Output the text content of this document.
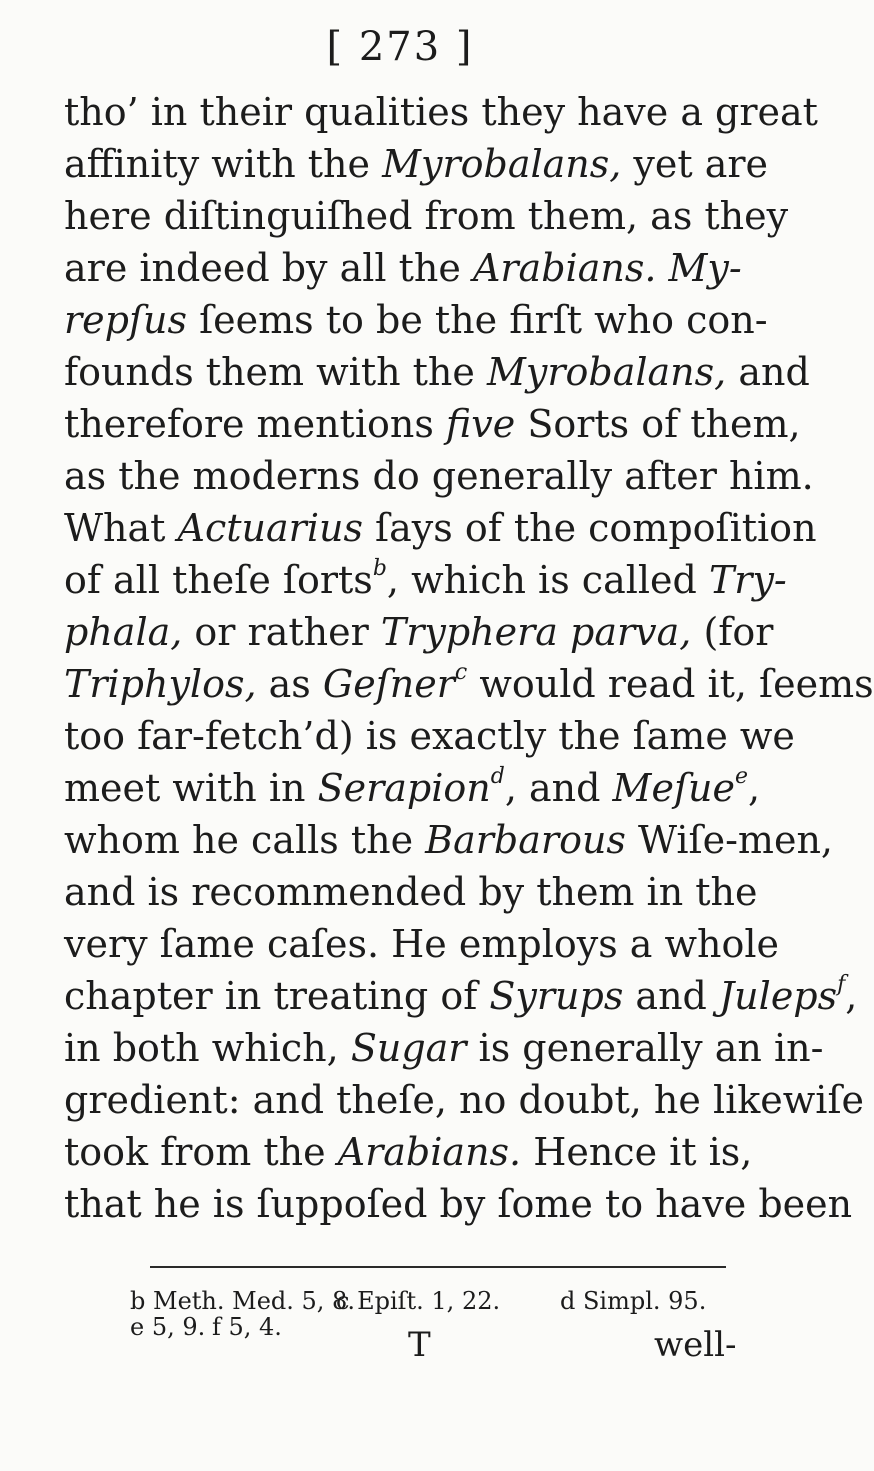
[ 273 ]
tho’ in their qualities they have a great
affinity with the Myrobalans, yet are
here diſtinguiſhed from them, as they
are indeed by all the Arabians. My-
repſus ſeems to be the firſt who con-
founds them with the Myrobalans, and
therefore mentions five Sorts of them,
as the moderns do generally after him.
What Actuarius ſays of the compoſition
of all theſe ſorts$^b$, which is called Try-
phala, or rather Tryphera parva, (for
Triphylos, as Geſner$^c$ would read it, ſeems
too far-fetch’d) is exactly the ſame we
meet with in Serapion$^d$, and Meſue$^e$,
whom he calls the Barbarous Wiſe-men,
and is recommended by them in the
very ſame caſes. He employs a whole
chapter in treating of Syrups and Juleps$^f$,
in both which, Sugar is generally an in-
gredient: and theſe, no doubt, he likewiſe
took from the Arabians. Hence it is,
that he is ſuppoſed by ſome to have been
b Meth. Med. 5, 8.
c Epiſt. 1, 22. d Simpl. 95.
e 5, 9. f 5, 4.	T	well-
